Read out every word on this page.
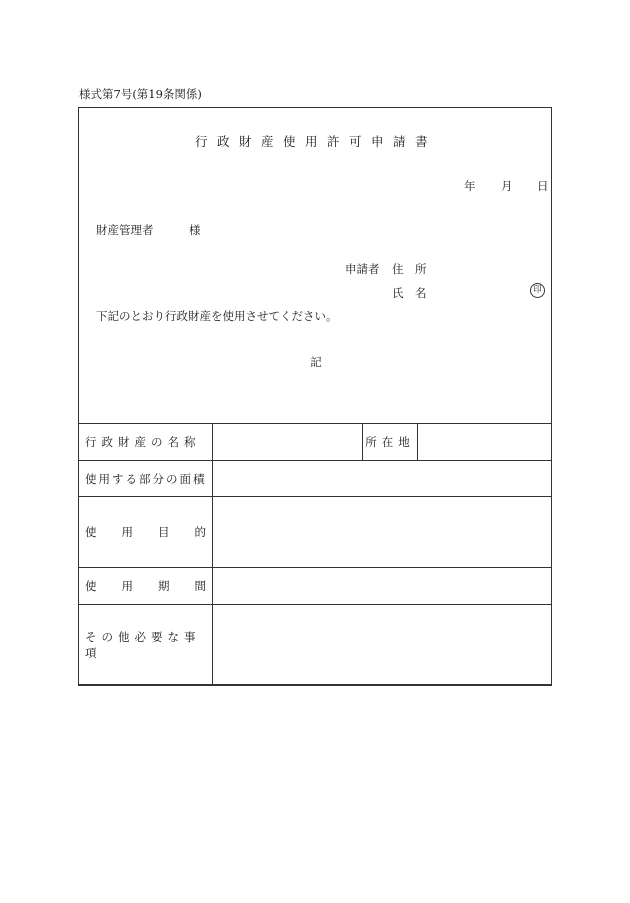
様式第7号(第19条関係)
行政財産使用許可申請書
年 月 日
財産管理者	様
申請者 住　所
氏　名	印
下記のとおり行政財産を使用させてください。
記
行政財産の名称		所在地	
使用する部分の面積			

使 用 目 的			

使 用 期 間			

その他必要な事項			
